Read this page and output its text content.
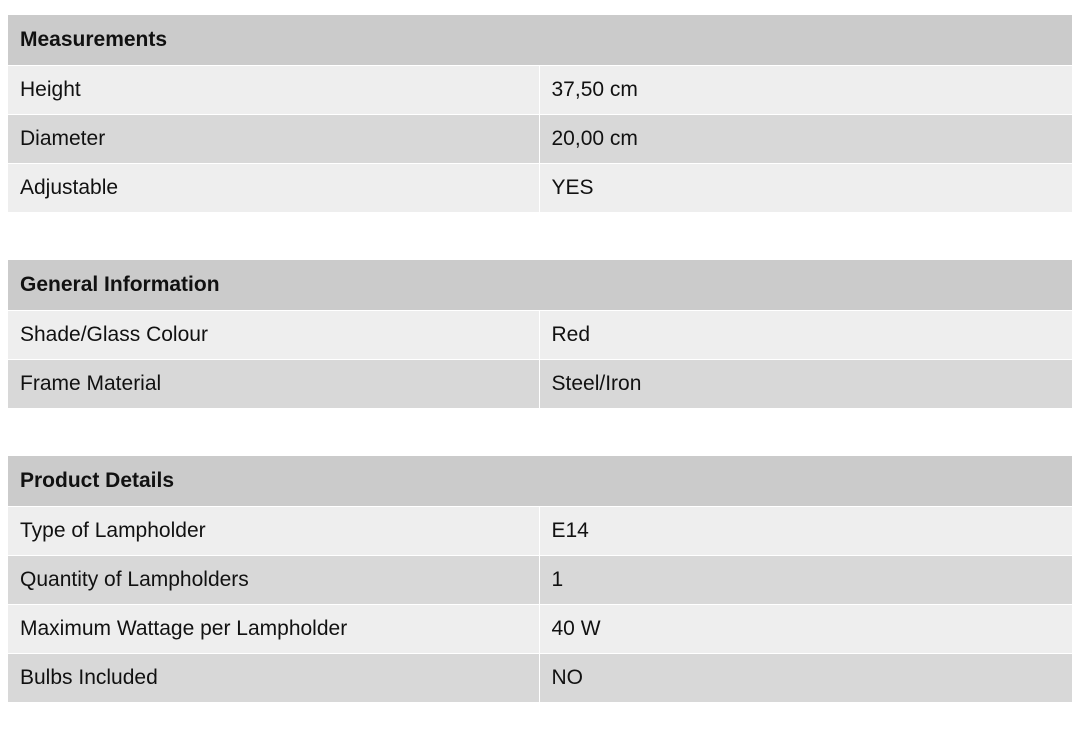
Measurements	
Height	37,50 cm
Diameter	20,00 cm
Adjustable	YES
General Information	
Shade/Glass Colour	Red
Frame Material	Steel/Iron
Product Details	
Type of Lampholder	E14
Quantity of Lampholders	1
Maximum Wattage per Lampholder	40 W
Bulbs Included	NO
